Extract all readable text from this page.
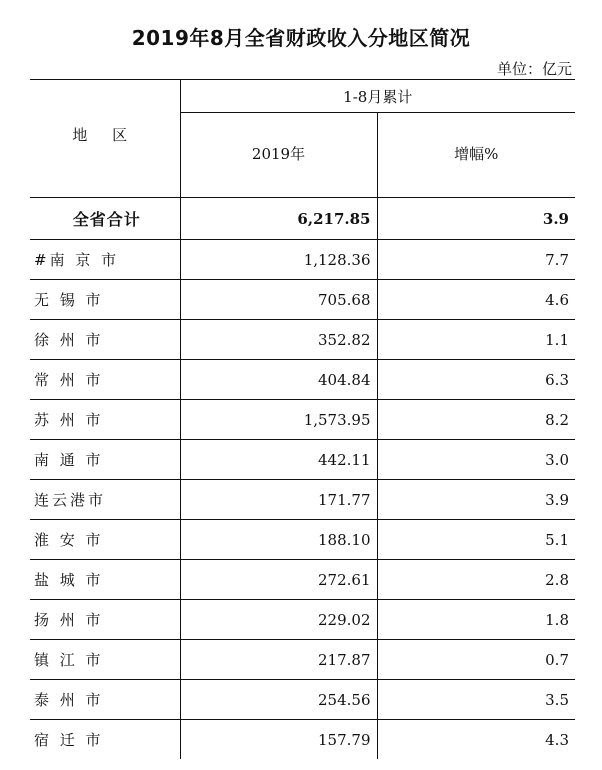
2019年8月全省财政收入分地区简况
单位：亿元
地 区	1-8月累计	
	2019年	增幅%
全省合计	6,217.85	3.9
#南 京 市	1,128.36	7.7
无 锡 市	705.68	4.6
徐 州 市	352.82	1.1
常 州 市	404.84	6.3
苏 州 市	1,573.95	8.2
南 通 市	442.11	3.0
连云港市	171.77	3.9
淮 安 市	188.10	5.1
盐 城 市	272.61	2.8
扬 州 市	229.02	1.8
镇 江 市	217.87	0.7
泰 州 市	254.56	3.5
宿 迁 市	157.79	4.3
